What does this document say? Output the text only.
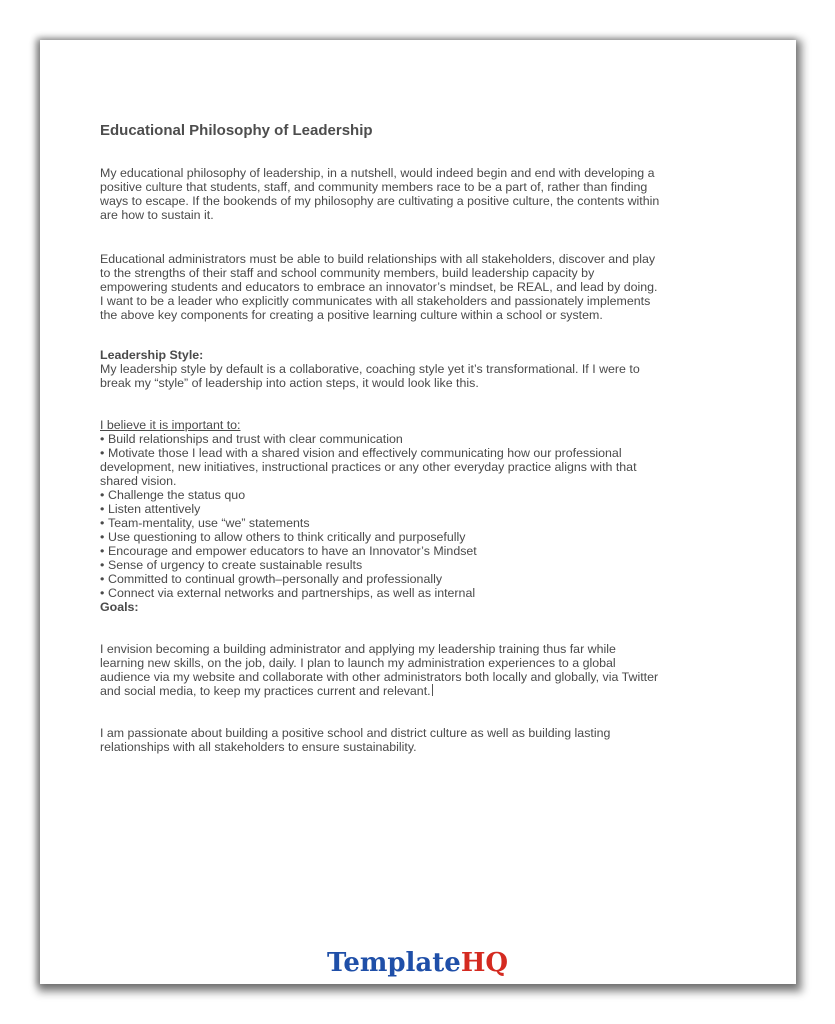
Educational Philosophy of Leadership

My educational philosophy of leadership, in a nutshell, would indeed begin and end with developing a positive culture that students, staff, and community members race to be a part of, rather than finding ways to escape. If the bookends of my philosophy are cultivating a positive culture, the contents within are how to sustain it.

Educational administrators must be able to build relationships with all stakeholders, discover and play to the strengths of their staff and school community members, build leadership capacity by empowering students and educators to embrace an innovator’s mindset, be REAL, and lead by doing. I want to be a leader who explicitly communicates with all stakeholders and passionately implements the above key components for creating a positive learning culture within a school or system.

Leadership Style:
My leadership style by default is a collaborative, coaching style yet it’s transformational. If I were to break my “style” of leadership into action steps, it would look like this.
I believe it is important to:
• Build relationships and trust with clear communication
• Motivate those I lead with a shared vision and effectively communicating how our professional development, new initiatives, instructional practices or any other everyday practice aligns with that shared vision.
• Challenge the status quo
• Listen attentively
• Team-mentality, use “we” statements
• Use questioning to allow others to think critically and purposefully
• Encourage and empower educators to have an Innovator’s Mindset
• Sense of urgency to create sustainable results
• Committed to continual growth–personally and professionally
• Connect via external networks and partnerships, as well as internal
Goals:

I envision becoming a building administrator and applying my leadership training thus far while learning new skills, on the job, daily. I plan to launch my administration experiences to a global audience via my website and collaborate with other administrators both locally and globally, via Twitter and social media, to keep my practices current and relevant.

I am passionate about building a positive school and district culture as well as building lasting relationships with all stakeholders to ensure sustainability.

TemplateHQ
